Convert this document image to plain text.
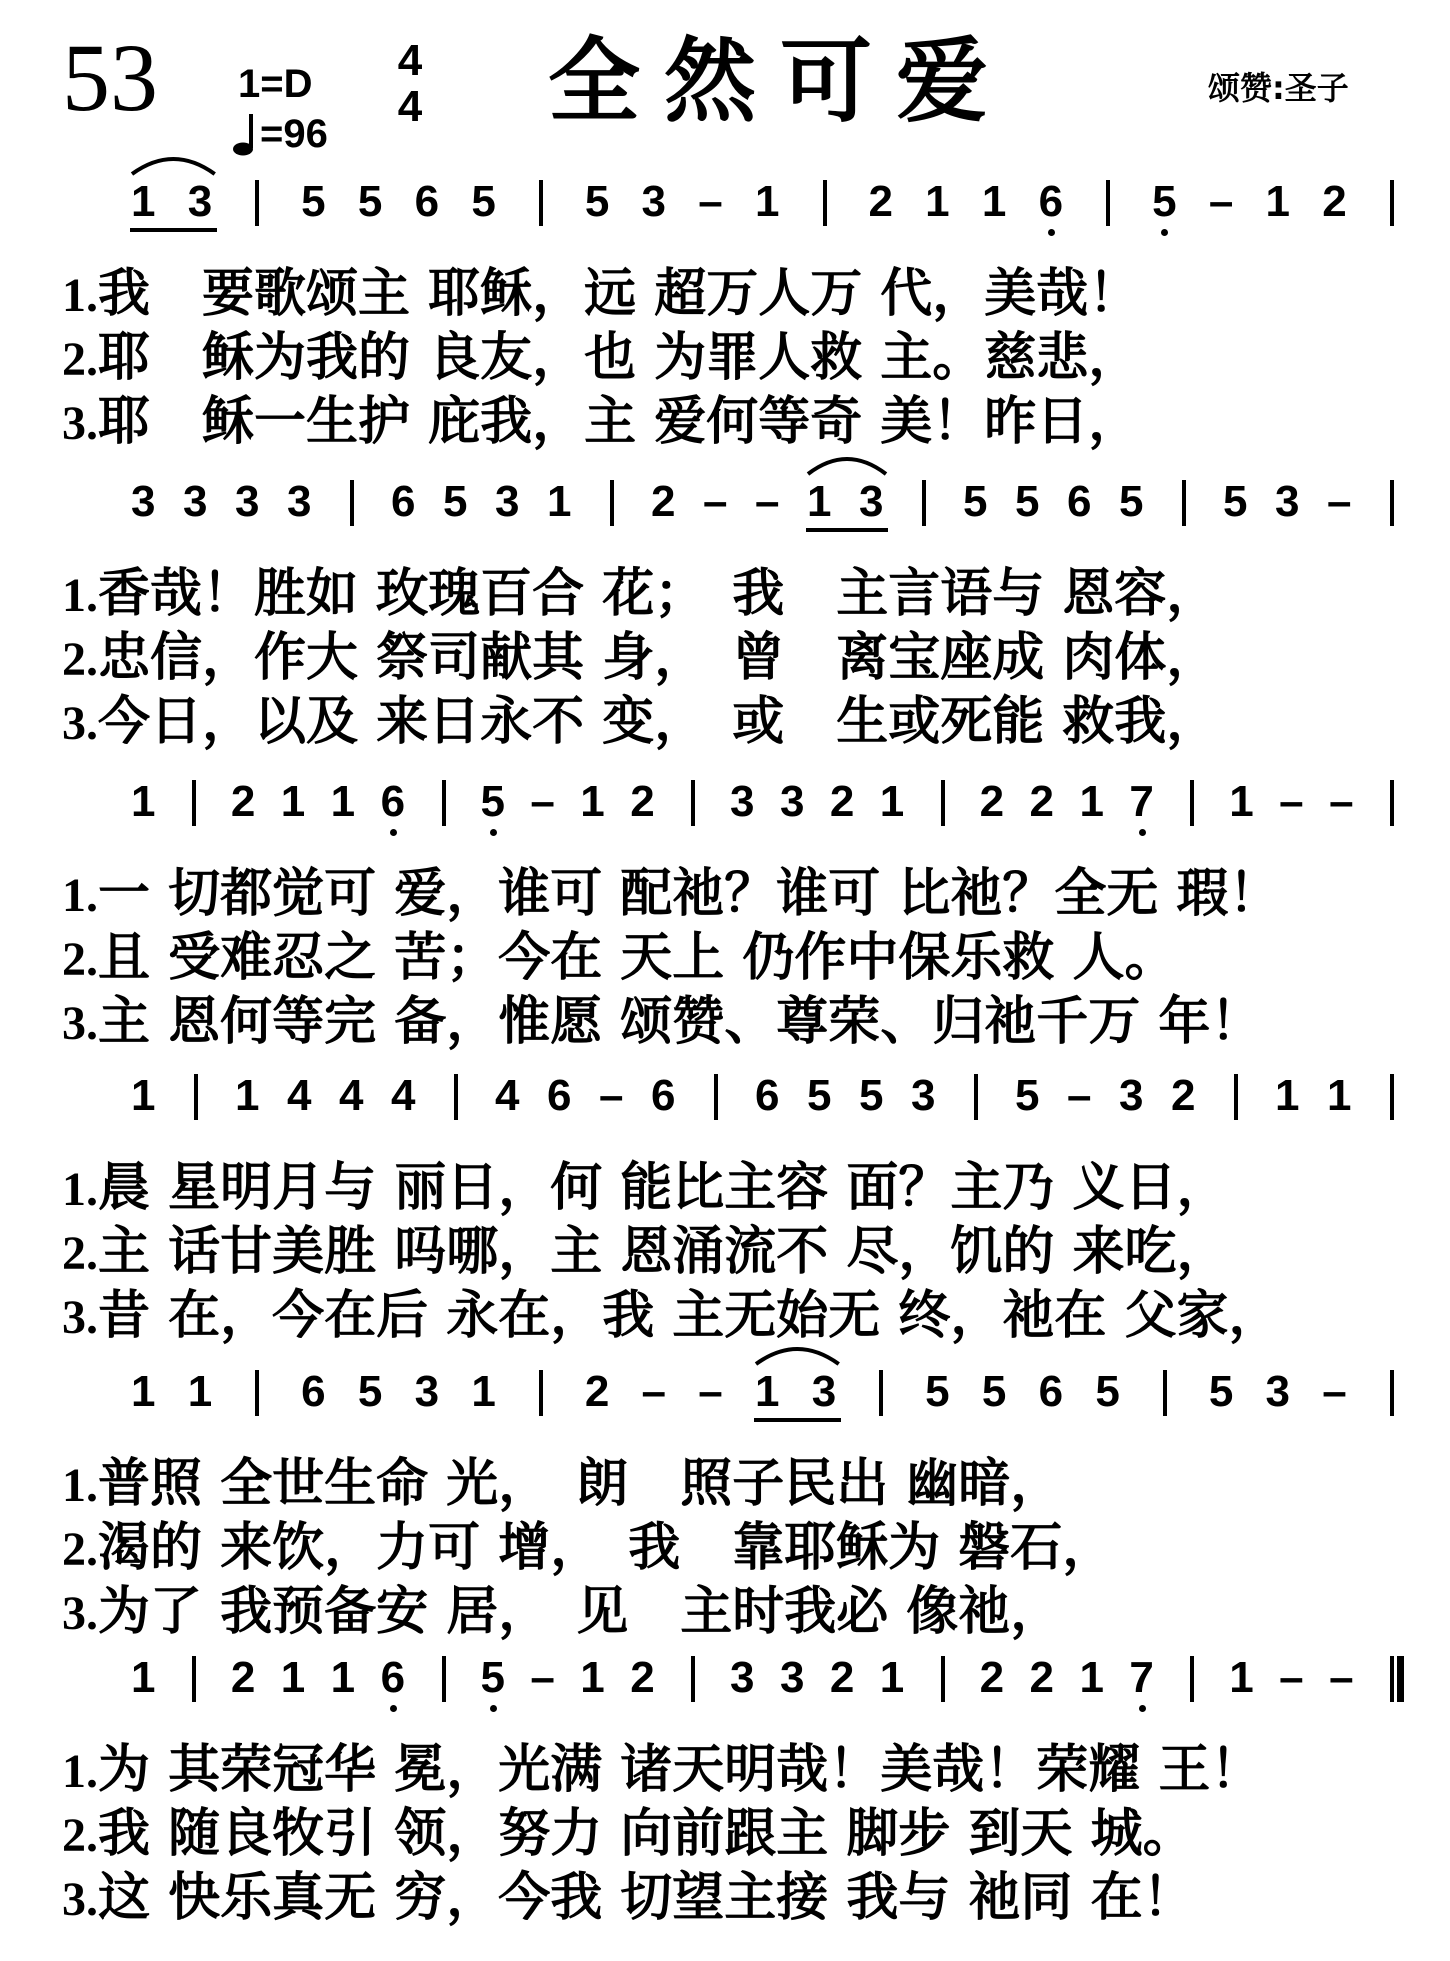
53 1=D
=96
4
4 全然可爱	颂赞:圣子
1 3 5 5 6 5 5 3 – 1 2 1 1 6 5 – 1 2
1.我　要歌颂主 耶稣，远 超万人万 代，美哉！
2.耶　稣为我的 良友，也 为罪人救 主。慈悲，
3.耶　稣一生护 庇我，主 爱何等奇 美！昨日，
3 3 3 3 6 5 3 1 2 – – 1 3 5 5 6 5 5 3 –
1.香哉！胜如 玫瑰百合 花；　我　主言语与 恩容，
2.忠信，作大 祭司献其 身，　曾　离宝座成 肉体，
3.今日，以及 来日永不 变，　或　生或死能 救我，
1 2 1 1 6 5 – 1 2 3 3 2 1 2 2 1 7 1 – –
1.一 切都觉可 爱，谁可 配祂？谁可 比祂？全无 瑕！
2.且 受难忍之 苦；今在 天上 仍作中保乐救 人。
3.主 恩何等完 备，惟愿 颂赞、尊荣、归祂千万 年！
1 1 4 4 4 4 6 – 6 6 5 5 3 5 – 3 2 1 1
1.晨 星明月与 丽日，何 能比主容 面？主乃 义日，
2.主 话甘美胜 吗哪，主 恩涌流不 尽，饥的 来吃，
3.昔 在，今在后 永在，我 主无始无 终，祂在 父家，
1 1 6 5 3 1 2 – – 1 3 5 5 6 5 5 3 –
1.普照 全世生命 光，　朗　照子民出 幽暗，
2.渴的 来饮，力可 增，　我　靠耶稣为 磐石，
3.为了 我预备安 居，　见　主时我必 像祂，
1 2 1 1 6 5 – 1 2 3 3 2 1 2 2 1 7 1 – –
1.为 其荣冠华 冕，光满 诸天明哉！美哉！荣耀 王！
2.我 随良牧引 领，努力 向前跟主 脚步 到天 城。
3.这 快乐真无 穷，今我 切望主接 我与 祂同 在！
